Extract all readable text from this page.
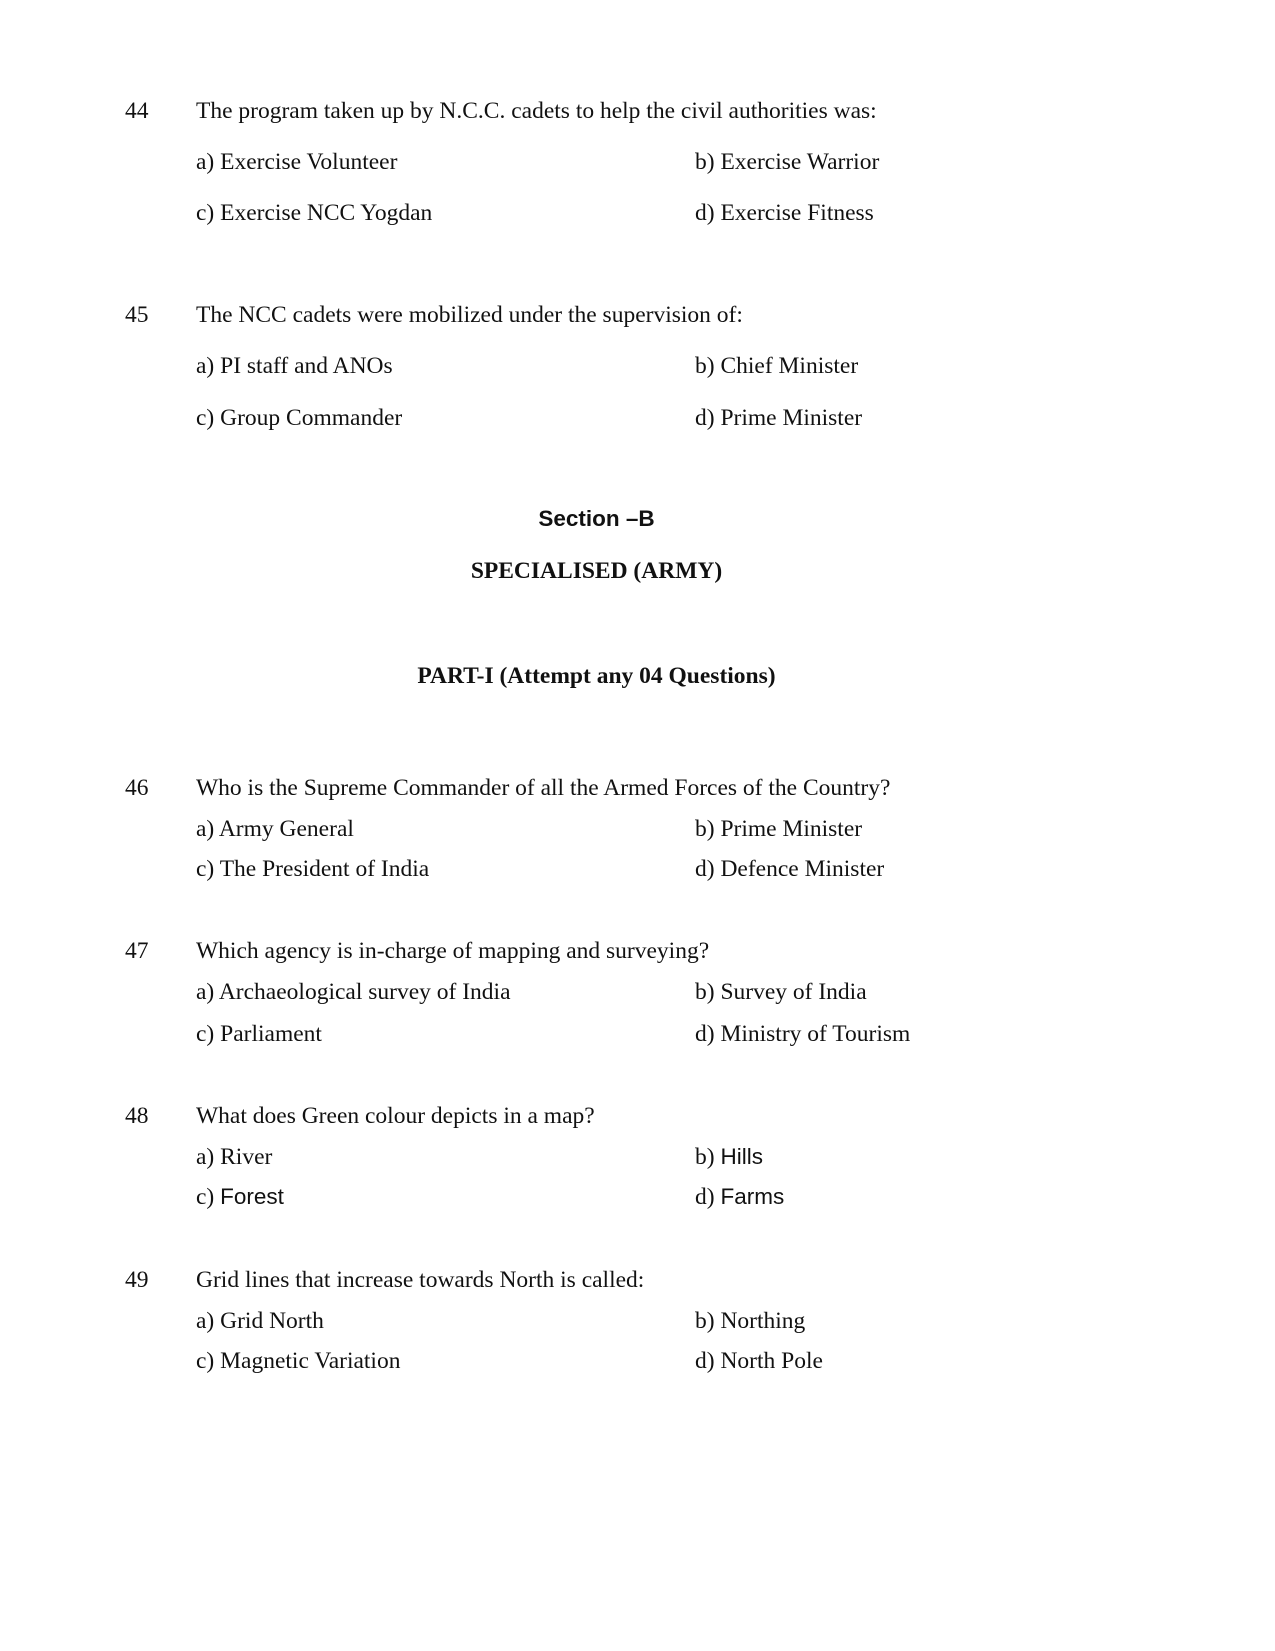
44 The program taken up by N.C.C. cadets to help the civil authorities was:
a) Exercise Volunteer	b) Exercise Warrior
c) Exercise NCC Yogdan	d) Exercise Fitness
45 The NCC cadets were mobilized under the supervision of:
a) PI staff and ANOs	b) Chief Minister
c) Group Commander	d) Prime Minister
Section –B
SPECIALISED (ARMY)
PART-I (Attempt any 04 Questions)
46 Who is the Supreme Commander of all the Armed Forces of the Country?
a) Army General	b) Prime Minister
c) The President of India	d) Defence Minister
47 Which agency is in-charge of mapping and surveying?
a) Archaeological survey of India	b) Survey of India
c) Parliament	d) Ministry of Tourism
48 What does Green colour depicts in a map?
a) River	b) Hills
c) Forest	d) Farms
49 Grid lines that increase towards North is called:
a) Grid North	b) Northing
c) Magnetic Variation	d) North Pole
